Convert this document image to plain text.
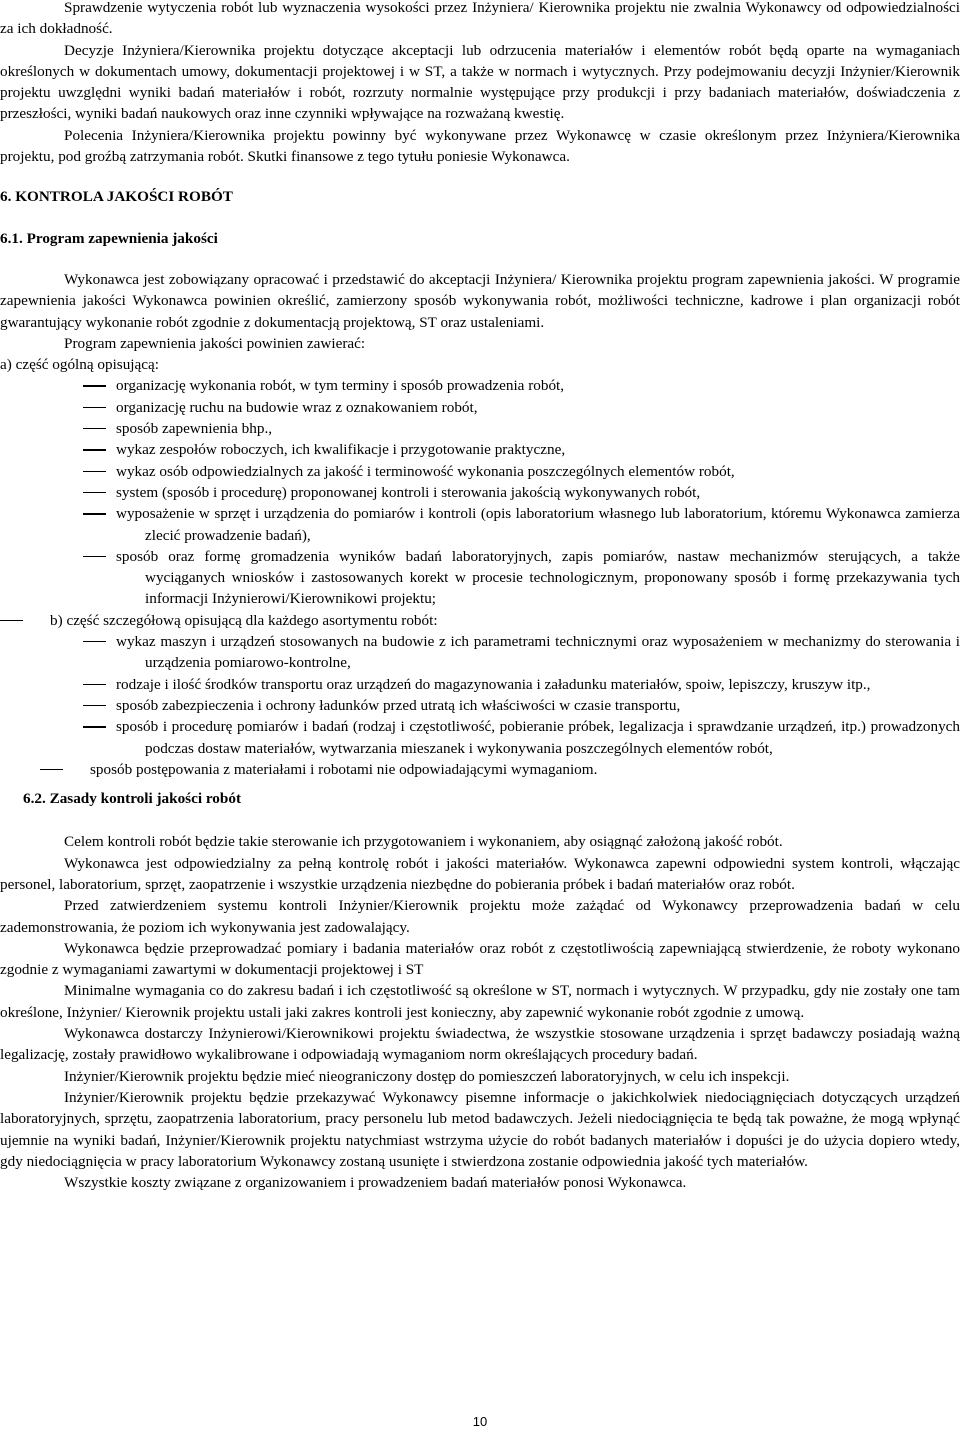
Sprawdzenie wytyczenia robót lub wyznaczenia wysokości przez Inżyniera/ Kierownika projektu nie zwalnia Wykonawcy od odpowiedzialności za ich dokładność.

Decyzje Inżyniera/Kierownika projektu dotyczące akceptacji lub odrzucenia materiałów i elementów robót będą oparte na wymaganiach określonych w dokumentach umowy, dokumentacji projektowej i w ST, a także w normach i wytycznych. Przy podejmowaniu decyzji Inżynier/Kierownik projektu uwzględni wyniki badań materiałów i robót, rozrzuty normalnie występujące przy produkcji i przy badaniach materiałów, doświadczenia z przeszłości, wyniki badań naukowych oraz inne czynniki wpływające na rozważaną kwestię.

Polecenia Inżyniera/Kierownika projektu powinny być wykonywane przez Wykonawcę w czasie określonym przez Inżyniera/Kierownika projektu, pod groźbą zatrzymania robót. Skutki finansowe z tego tytułu poniesie Wykonawca.

6. KONTROLA JAKOŚCI ROBÓT

6.1. Program zapewnienia jakości

Wykonawca jest zobowiązany opracować i przedstawić do akceptacji Inżyniera/ Kierownika projektu program zapewnienia jakości. W programie zapewnienia jakości Wykonawca powinien określić, zamierzony sposób wykonywania robót, możliwości techniczne, kadrowe i plan organizacji robót gwarantujący wykonanie robót zgodnie z dokumentacją projektową, ST oraz ustaleniami.

Program zapewnienia jakości powinien zawierać:

a) część ogólną opisującą:

organizację wykonania robót, w tym terminy i sposób prowadzenia robót,
organizację ruchu na budowie wraz z oznakowaniem robót,
sposób zapewnienia bhp.,
wykaz zespołów roboczych, ich kwalifikacje i przygotowanie praktyczne,
wykaz osób odpowiedzialnych za jakość i terminowość wykonania poszczególnych elementów robót,
system (sposób i procedurę) proponowanej kontroli i sterowania jakością wykonywanych robót,
wyposażenie w sprzęt i urządzenia do pomiarów i kontroli (opis laboratorium własnego lub laboratorium, któremu Wykonawca zamierza zlecić prowadzenie badań),
sposób oraz formę gromadzenia wyników badań laboratoryjnych, zapis pomiarów, nastaw mechanizmów sterujących, a także wyciąganych wniosków i zastosowanych korekt w procesie technologicznym, proponowany sposób i formę przekazywania tych informacji Inżynierowi/Kierownikowi projektu;
b) część szczegółową opisującą dla każdego asortymentu robót:
wykaz maszyn i urządzeń stosowanych na budowie z ich parametrami technicznymi oraz wyposażeniem w mechanizmy do sterowania i urządzenia pomiarowo-kontrolne,
rodzaje i ilość środków transportu oraz urządzeń do magazynowania i załadunku materiałów, spoiw, lepiszczy, kruszyw itp.,
sposób zabezpieczenia i ochrony ładunków przed utratą ich właściwości w czasie transportu,
sposób i procedurę pomiarów i badań (rodzaj i częstotliwość, pobieranie próbek, legalizacja i sprawdzanie urządzeń, itp.) prowadzonych podczas dostaw materiałów, wytwarzania mieszanek i wykonywania poszczególnych elementów robót,
sposób postępowania z materiałami i robotami nie odpowiadającymi wymaganiom.

6.2. Zasady kontroli jakości robót

Celem kontroli robót będzie takie sterowanie ich przygotowaniem i wykonaniem, aby osiągnąć założoną jakość robót.

Wykonawca jest odpowiedzialny za pełną kontrolę robót i jakości materiałów. Wykonawca zapewni odpowiedni system kontroli, włączając personel, laboratorium, sprzęt, zaopatrzenie i wszystkie urządzenia niezbędne do pobierania próbek i badań materiałów oraz robót.

Przed zatwierdzeniem systemu kontroli Inżynier/Kierownik projektu może zażądać od Wykonawcy przeprowadzenia badań w celu zademonstrowania, że poziom ich wykonywania jest zadowalający.

Wykonawca będzie przeprowadzać pomiary i badania materiałów oraz robót z częstotliwością zapewniającą stwierdzenie, że roboty wykonano zgodnie z wymaganiami zawartymi w dokumentacji projektowej i ST

Minimalne wymagania co do zakresu badań i ich częstotliwość są określone w ST, normach i wytycznych. W przypadku, gdy nie zostały one tam określone, Inżynier/ Kierownik projektu ustali jaki zakres kontroli jest konieczny, aby zapewnić wykonanie robót zgodnie z umową.

Wykonawca dostarczy Inżynierowi/Kierownikowi projektu świadectwa, że wszystkie stosowane urządzenia i sprzęt badawczy posiadają ważną legalizację, zostały prawidłowo wykalibrowane i odpowiadają wymaganiom norm określających procedury badań.

Inżynier/Kierownik projektu będzie mieć nieograniczony dostęp do pomieszczeń laboratoryjnych, w celu ich inspekcji.

Inżynier/Kierownik projektu będzie przekazywać Wykonawcy pisemne informacje o jakichkolwiek niedociągnięciach dotyczących urządzeń laboratoryjnych, sprzętu, zaopatrzenia laboratorium, pracy personelu lub metod badawczych. Jeżeli niedociągnięcia te będą tak poważne, że mogą wpłynąć ujemnie na wyniki badań, Inżynier/Kierownik projektu natychmiast wstrzyma użycie do robót badanych materiałów i dopuści je do użycia dopiero wtedy, gdy niedociągnięcia w pracy laboratorium Wykonawcy zostaną usunięte i stwierdzona zostanie odpowiednia jakość tych materiałów.

Wszystkie koszty związane z organizowaniem i prowadzeniem badań materiałów ponosi Wykonawca.

10
